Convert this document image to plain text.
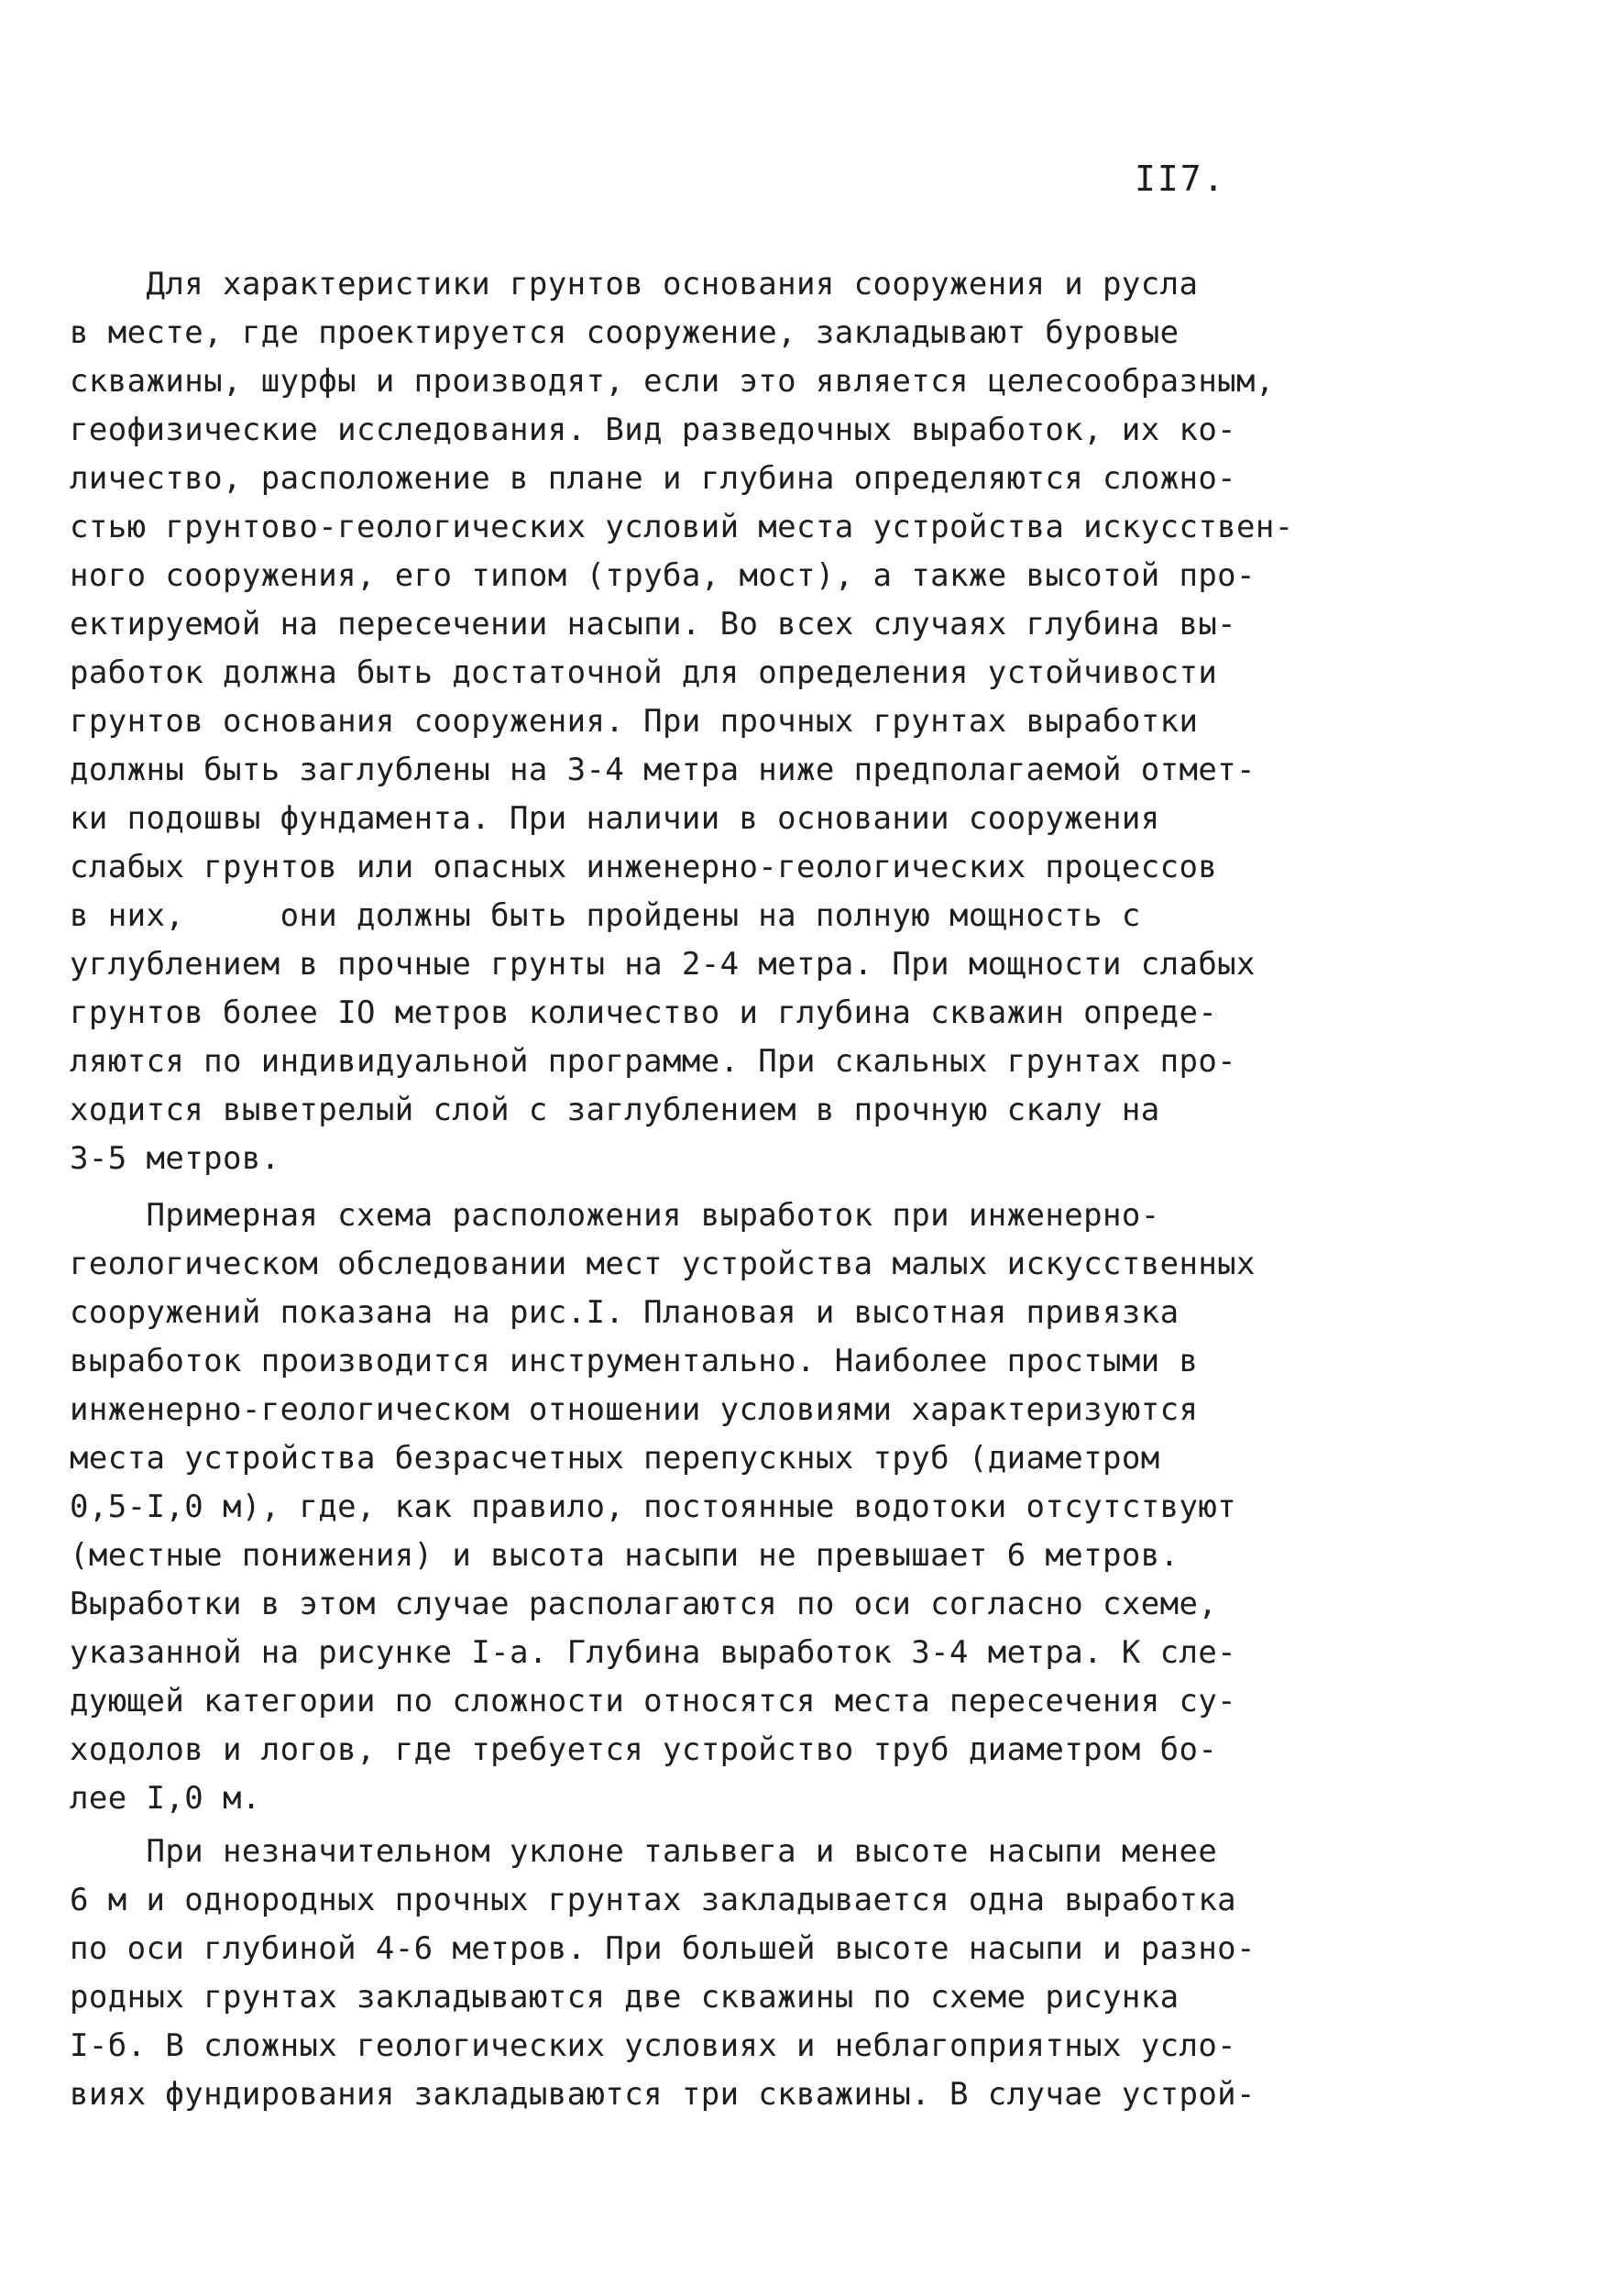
II7.
Для характеристики грунтов основания сооружения и русла
в месте, где проектируется сооружение, закладывают буровые
скважины, шурфы и производят, если это является целесообразным,
геофизические исследования. Вид разведочных выработок, их ко-
личество, расположение в плане и глубина определяются сложно-
стью грунтово-геологических условий места устройства искусствен-
ного сооружения, его типом (труба, мост), а также высотой про-
ектируемой на пересечении насыпи. Во всех случаях глубина вы-
работок должна быть достаточной для определения устойчивости
грунтов основания сооружения. При прочных грунтах выработки
должны быть заглублены на 3-4 метра ниже предполагаемой отмет-
ки подошвы фундамента. При наличии в основании сооружения
слабых грунтов или опасных инженерно-геологических процессов
в них,     они должны быть пройдены на полную мощность с
углублением в прочные грунты на 2-4 метра. При мощности слабых
грунтов более IO метров количество и глубина скважин опреде-
ляются по индивидуальной программе. При скальных грунтах про-
ходится выветрелый слой с заглублением в прочную скалу на
3-5 метров.
Примерная схема расположения выработок при инженерно-
геологическом обследовании мест устройства малых искусственных
сооружений показана на рис.I. Плановая и высотная привязка
выработок производится инструментально. Наиболее простыми в
инженерно-геологическом отношении условиями характеризуются
места устройства безрасчетных перепускных труб (диаметром
0,5-I,0 м), где, как правило, постоянные водотоки отсутствуют
(местные понижения) и высота насыпи не превышает 6 метров.
Выработки в этом случае располагаются по оси согласно схеме,
указанной на рисунке I-а. Глубина выработок 3-4 метра. К сле-
дующей категории по сложности относятся места пересечения су-
ходолов и логов, где требуется устройство труб диаметром бо-
лее I,0 м.
При незначительном уклоне тальвега и высоте насыпи менее
6 м и однородных прочных грунтах закладывается одна выработка
по оси глубиной 4-6 метров. При большей высоте насыпи и разно-
родных грунтах закладываются две скважины по схеме рисунка
I-б. В сложных геологических условиях и неблагоприятных усло-
виях фундирования закладываются три скважины. В случае устрой-
